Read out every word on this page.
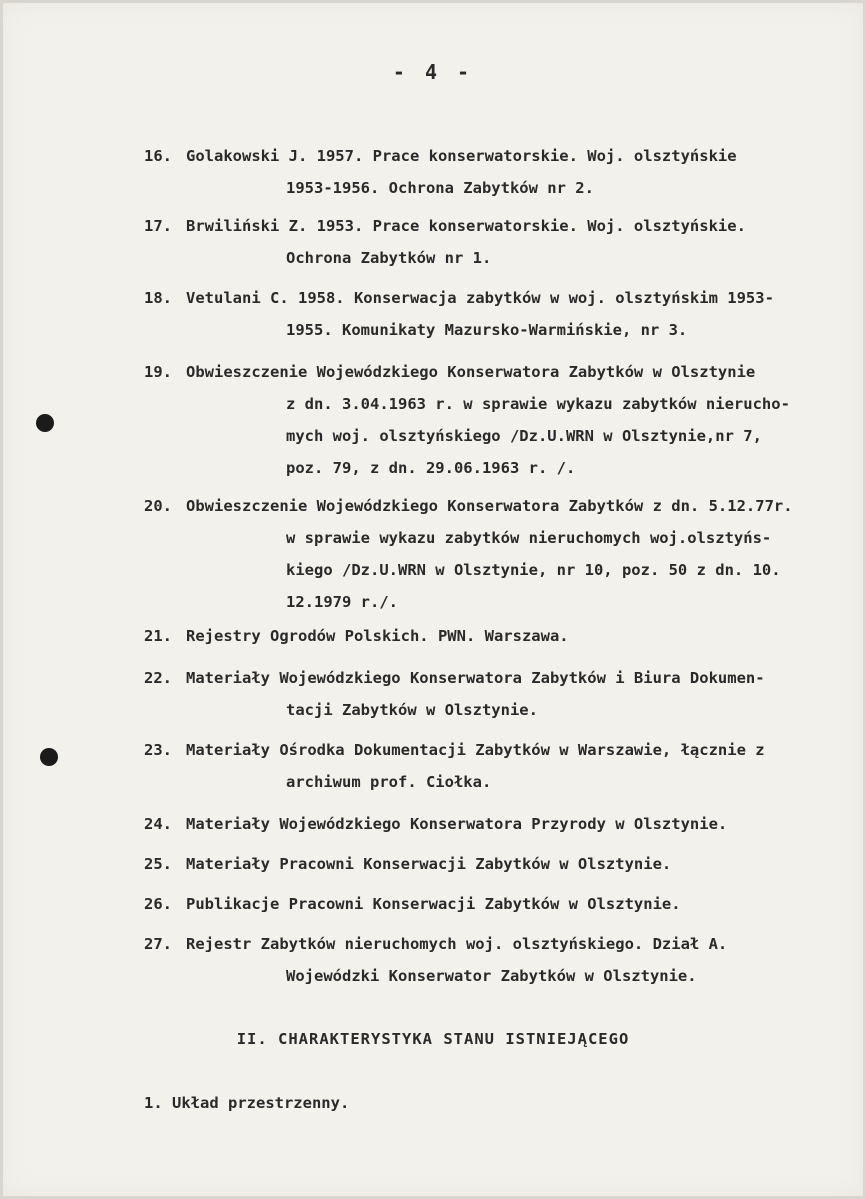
- 4 -
16. Golakowski J. 1957. Prace konserwatorskie. Woj. olsztyńskie
1953-1956. Ochrona Zabytków nr 2.
17. Brwiliński Z. 1953. Prace konserwatorskie. Woj. olsztyńskie.
Ochrona Zabytków nr 1.
18. Vetulani C. 1958. Konserwacja zabytków w woj. olsztyńskim 1953-
1955. Komunikaty Mazursko-Warmińskie, nr 3.
19. Obwieszczenie Wojewódzkiego Konserwatora Zabytków w Olsztynie
z dn. 3.04.1963 r. w sprawie wykazu zabytków nierucho-
mych woj. olsztyńskiego /Dz.U.WRN w Olsztynie,nr 7,
poz. 79, z dn. 29.06.1963 r. /.
20. Obwieszczenie Wojewódzkiego Konserwatora Zabytków z dn. 5.12.77r.
w sprawie wykazu zabytków nieruchomych woj.olsztyńs-
kiego /Dz.U.WRN w Olsztynie, nr 10, poz. 50 z dn. 10.
12.1979 r./.
21. Rejestry Ogrodów Polskich. PWN. Warszawa.
22. Materiały Wojewódzkiego Konserwatora Zabytków i Biura Dokumen-
tacji Zabytków w Olsztynie.
23. Materiały Ośrodka Dokumentacji Zabytków w Warszawie, łącznie z
archiwum prof. Ciołka.
24. Materiały Wojewódzkiego Konserwatora Przyrody w Olsztynie.
25. Materiały Pracowni Konserwacji Zabytków w Olsztynie.
26. Publikacje Pracowni Konserwacji Zabytków w Olsztynie.
27. Rejestr Zabytków nieruchomych woj. olsztyńskiego. Dział A.
Wojewódzki Konserwator Zabytków w Olsztynie.
II. CHARAKTERYSTYKA STANU ISTNIEJĄCEGO
1. Układ przestrzenny.
